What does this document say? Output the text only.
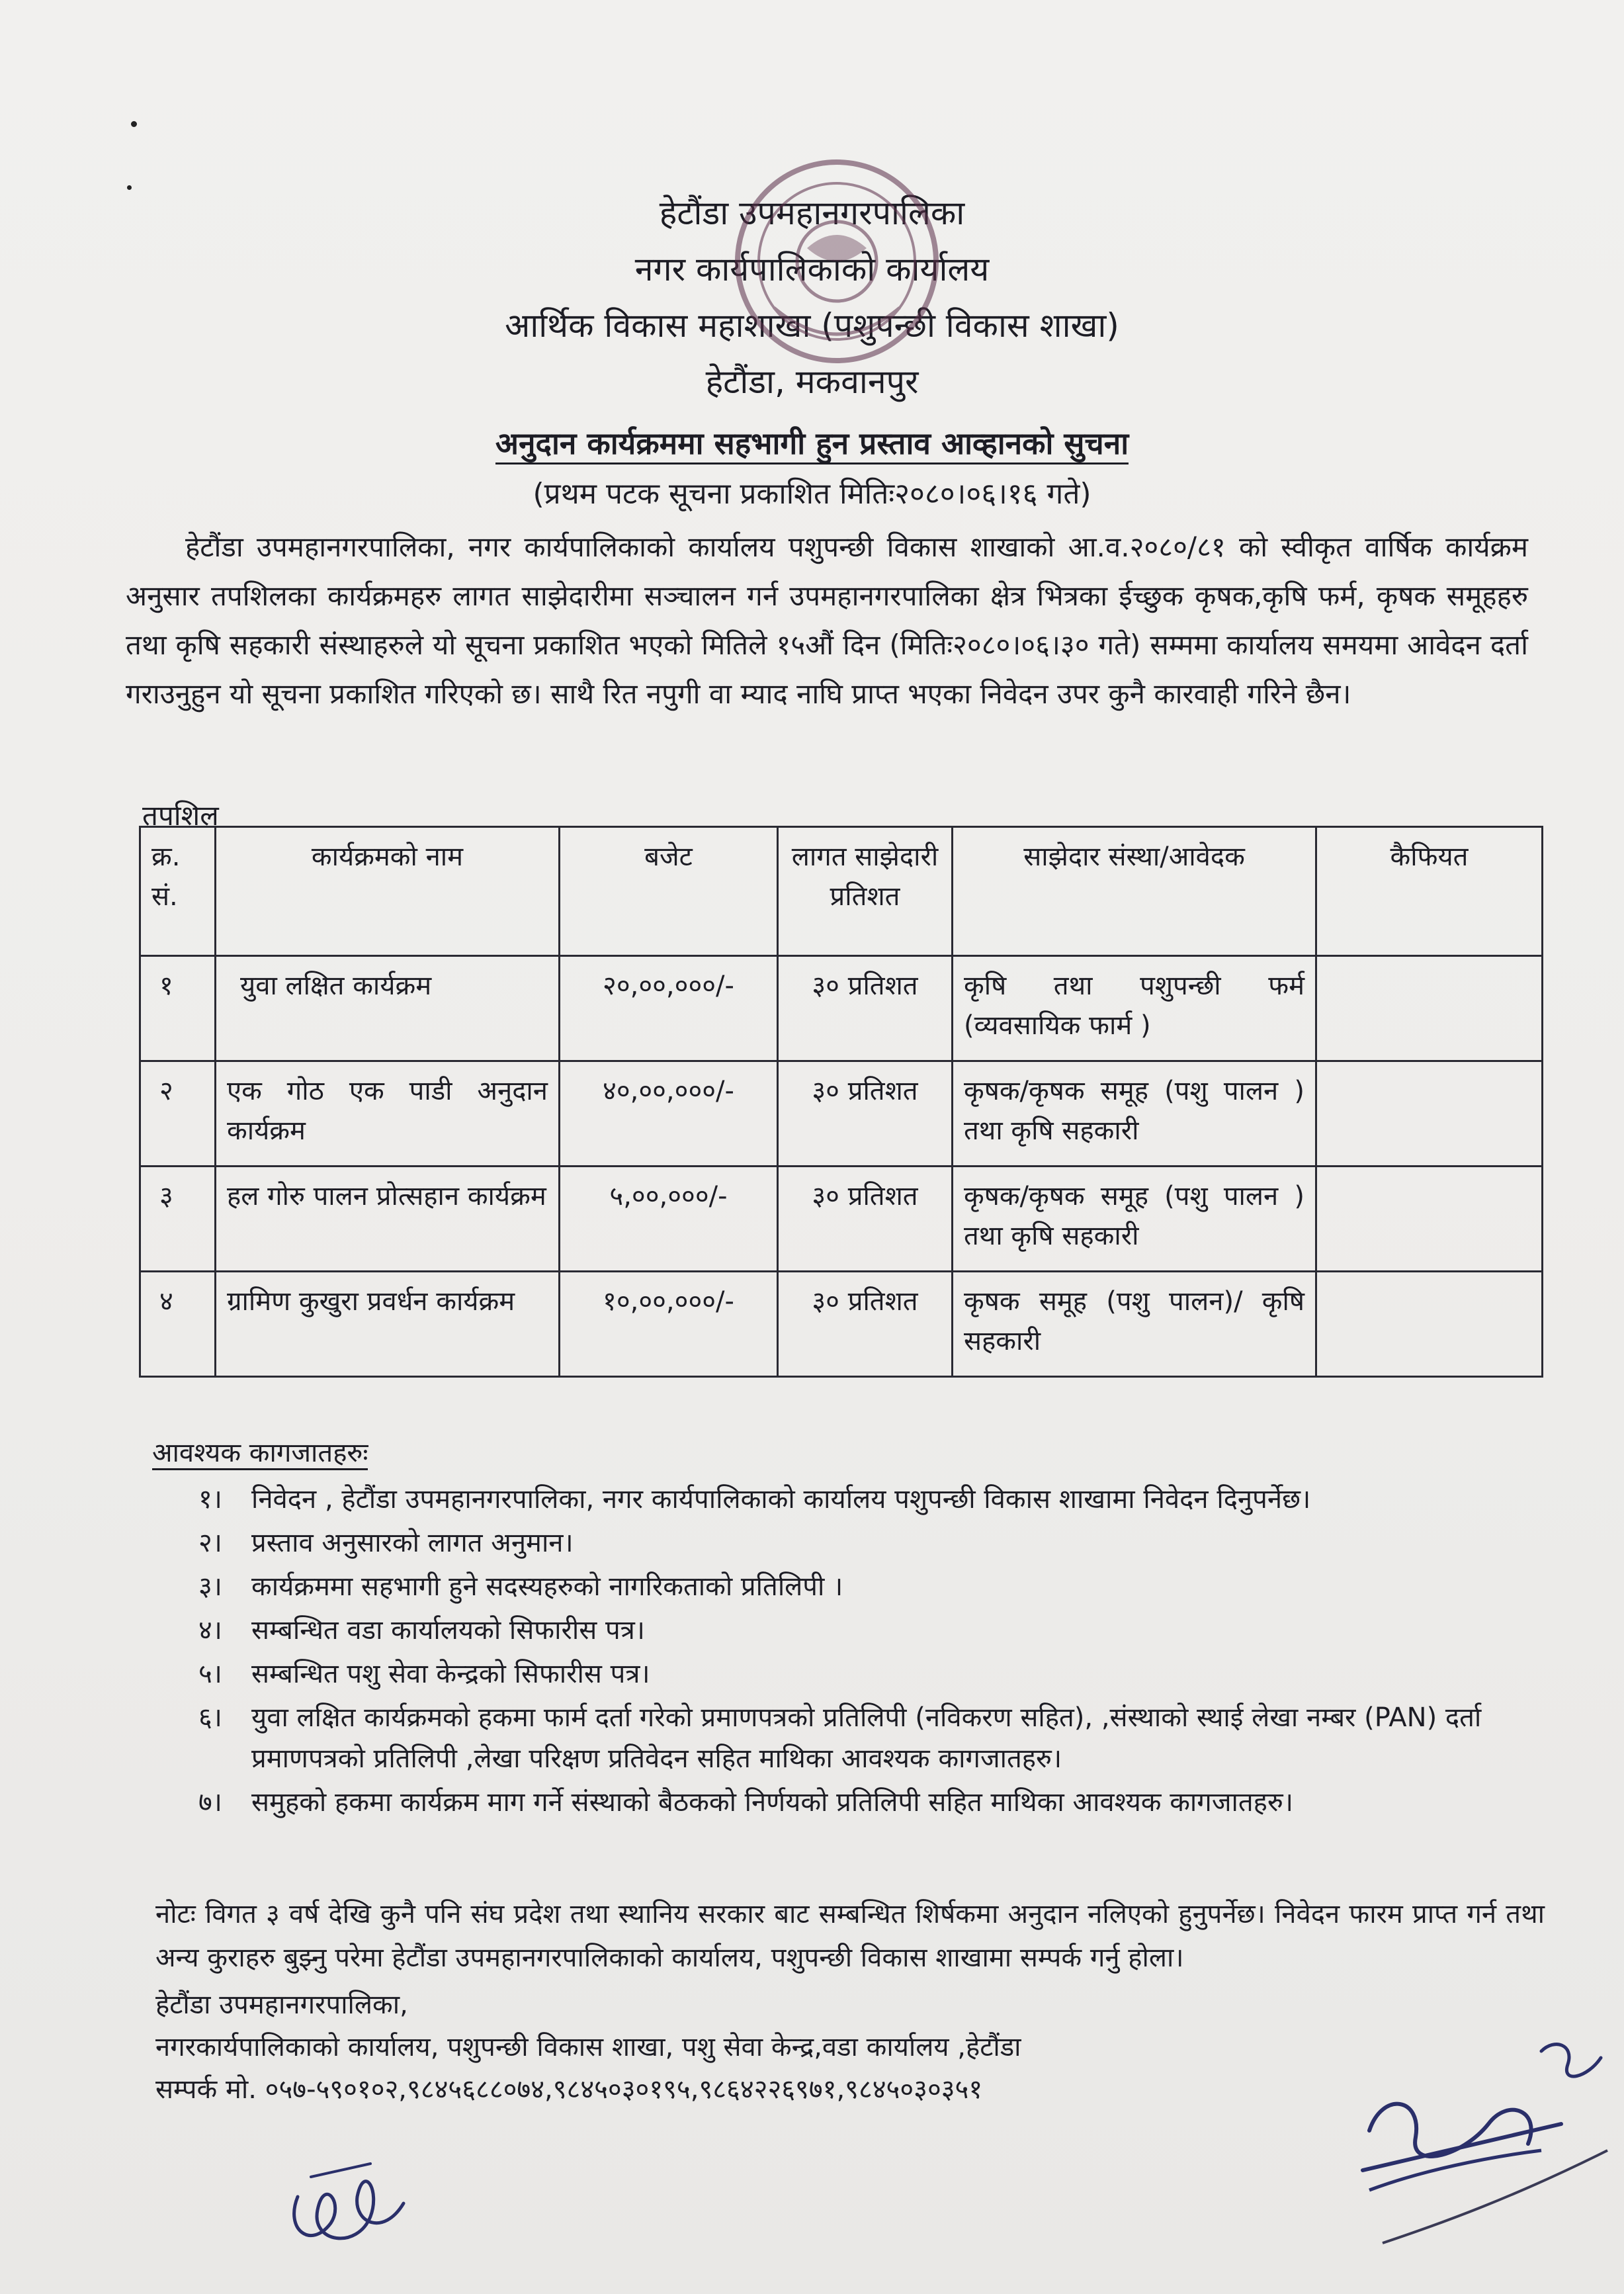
हेटौंडा उपमहानगरपालिका
नगर कार्यपालिकाको कार्यालय
आर्थिक विकास महाशाखा (पशुपन्छी विकास शाखा)
हेटौंडा, मकवानपुर
अनुदान कार्यक्रममा सहभागी हुन प्रस्ताव आव्हानको सुचना
(प्रथम पटक सूचना प्रकाशित मितिः२०८०।०६।१६ गते)
हेटौंडा उपमहानगरपालिका, नगर कार्यपालिकाको कार्यालय पशुपन्छी विकास शाखाको आ.व.२०८०/८१ को स्वीकृत वार्षिक कार्यक्रम अनुसार तपशिलका कार्यक्रमहरु लागत साझेदारीमा सञ्चालन गर्न उपमहानगरपालिका क्षेत्र भित्रका ईच्छुक कृषक,कृषि फर्म, कृषक समूहहरु तथा कृषि सहकारी संस्थाहरुले यो सूचना प्रकाशित भएको मितिले १५औं दिन (मितिः२०८०।०६।३० गते) सम्ममा कार्यालय समयमा आवेदन दर्ता गराउनुहुन यो सूचना प्रकाशित गरिएको छ। साथै रित नपुगी वा म्याद नाघि प्राप्त भएका निवेदन उपर कुनै कारवाही गरिने छैन।
तपशिल
क्र. सं.	कार्यक्रमको नाम	बजेट	लागत साझेदारी प्रतिशत	साझेदार संस्था/आवेदक	कैफियत
१	युवा लक्षित कार्यक्रम	२०,००,०००/-	३० प्रतिशत	कृषि तथा पशुपन्छी फर्म (व्यवसायिक फार्म )	
२	एक गोठ एक पाडी अनुदान कार्यक्रम	४०,००,०००/-	३० प्रतिशत	कृषक/कृषक समूह (पशु पालन ) तथा कृषि सहकारी	
३	हल गोरु पालन प्रोत्सहान कार्यक्रम	५,००,०००/-	३० प्रतिशत	कृषक/कृषक समूह (पशु पालन ) तथा कृषि सहकारी	
४	ग्रामिण कुखुरा प्रवर्धन कार्यक्रम	१०,००,०००/-	३० प्रतिशत	कृषक समूह (पशु पालन)/ कृषि सहकारी	
आवश्यक कागजातहरुः
१।	निवेदन , हेटौंडा उपमहानगरपालिका, नगर कार्यपालिकाको कार्यालय पशुपन्छी विकास शाखामा निवेदन दिनुपर्नेछ।
२।	प्रस्ताव अनुसारको लागत अनुमान।
३।	कार्यक्रममा सहभागी हुने सदस्यहरुको नागरिकताको प्रतिलिपी ।
४।	सम्बन्धित वडा कार्यालयको सिफारीस पत्र।
५।	सम्बन्धित पशु सेवा केन्द्रको सिफारीस पत्र।
६।	युवा लक्षित कार्यक्रमको हकमा फार्म दर्ता गरेको प्रमाणपत्रको प्रतिलिपी (नविकरण सहित), ,संस्थाको स्थाई लेखा नम्बर (PAN) दर्ता प्रमाणपत्रको प्रतिलिपी ,लेखा परिक्षण प्रतिवेदन सहित माथिका आवश्यक कागजातहरु।
७।	समुहको हकमा कार्यक्रम माग गर्ने संस्थाको बैठकको निर्णयको प्रतिलिपी सहित माथिका आवश्यक कागजातहरु।
नोटः विगत ३ वर्ष देखि कुनै पनि संघ प्रदेश तथा स्थानिय सरकार बाट सम्बन्धित शिर्षकमा अनुदान नलिएको हुनुपर्नेछ। निवेदन फारम प्राप्त गर्न तथा अन्य कुराहरु बुझ्नु परेमा हेटौंडा उपमहानगरपालिकाको कार्यालय, पशुपन्छी विकास शाखामा सम्पर्क गर्नु होला।
हेटौंडा उपमहानगरपालिका,
नगरकार्यपालिकाको कार्यालय, पशुपन्छी विकास शाखा, पशु सेवा केन्द्र,वडा कार्यालय ,हेटौंडा
सम्पर्क मो. ०५७-५९०१०२,९८४५६८८०७४,९८४५०३०१९५,९८६४२२६९७१,९८४५०३०३५१
